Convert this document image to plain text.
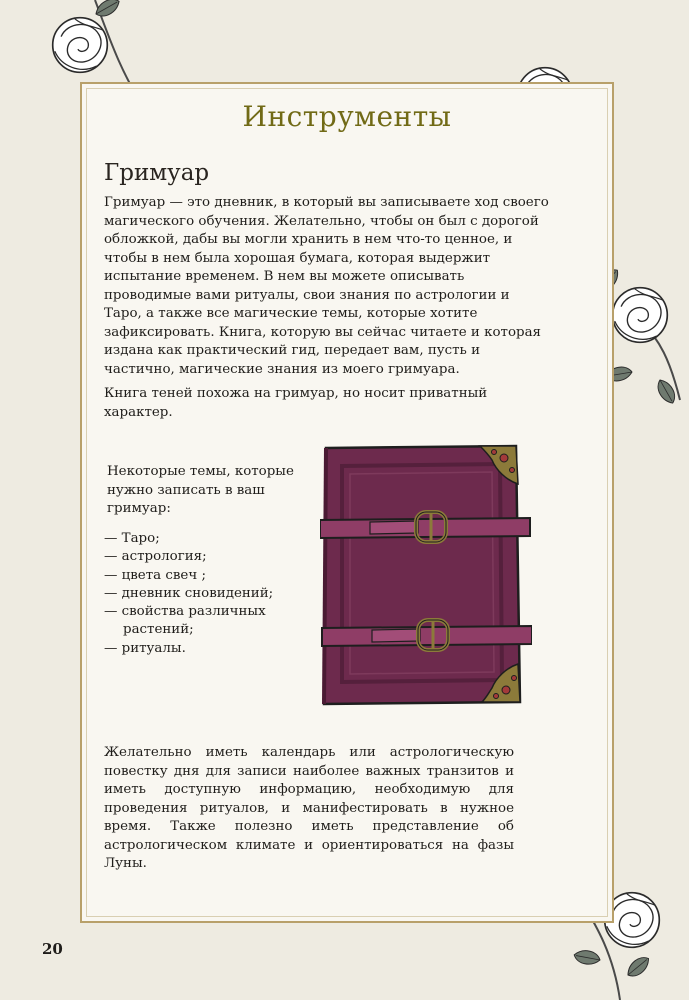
Инструменты
Гримуар

Гримуар — это дневник, в который вы записываете ход своего магического обучения. Желательно, чтобы он был с дорогой обложкой, дабы вы могли хранить в нем что-то ценное, и чтобы в нем была хорошая бумага, которая выдержит испытание временем. В нем вы можете описывать проводимые вами ритуалы, свои знания по астрологии и Таро, а также все магические темы, которые хотите зафиксировать. Книга, которую вы сейчас читаете и которая издана как практический гид, передает вам, пусть и частично, магические знания из моего гримуара.

Книга теней похожа на гримуар, но носит приватный характер.

Некоторые темы, которые нужно записать в ваш гримуар:
— Таро;
— астрология;
— цвета свеч ;
— дневник сновидений;
— свойства различных растений;
— ритуалы.

Желательно иметь календарь или астрологическую повестку дня для записи наиболее важных транзитов и иметь доступную информацию, необходимую для проведения ритуалов, и манифестировать в нужное время. Также полезно иметь представление об астрологическом климате и ориентироваться на фазы Луны.

20
